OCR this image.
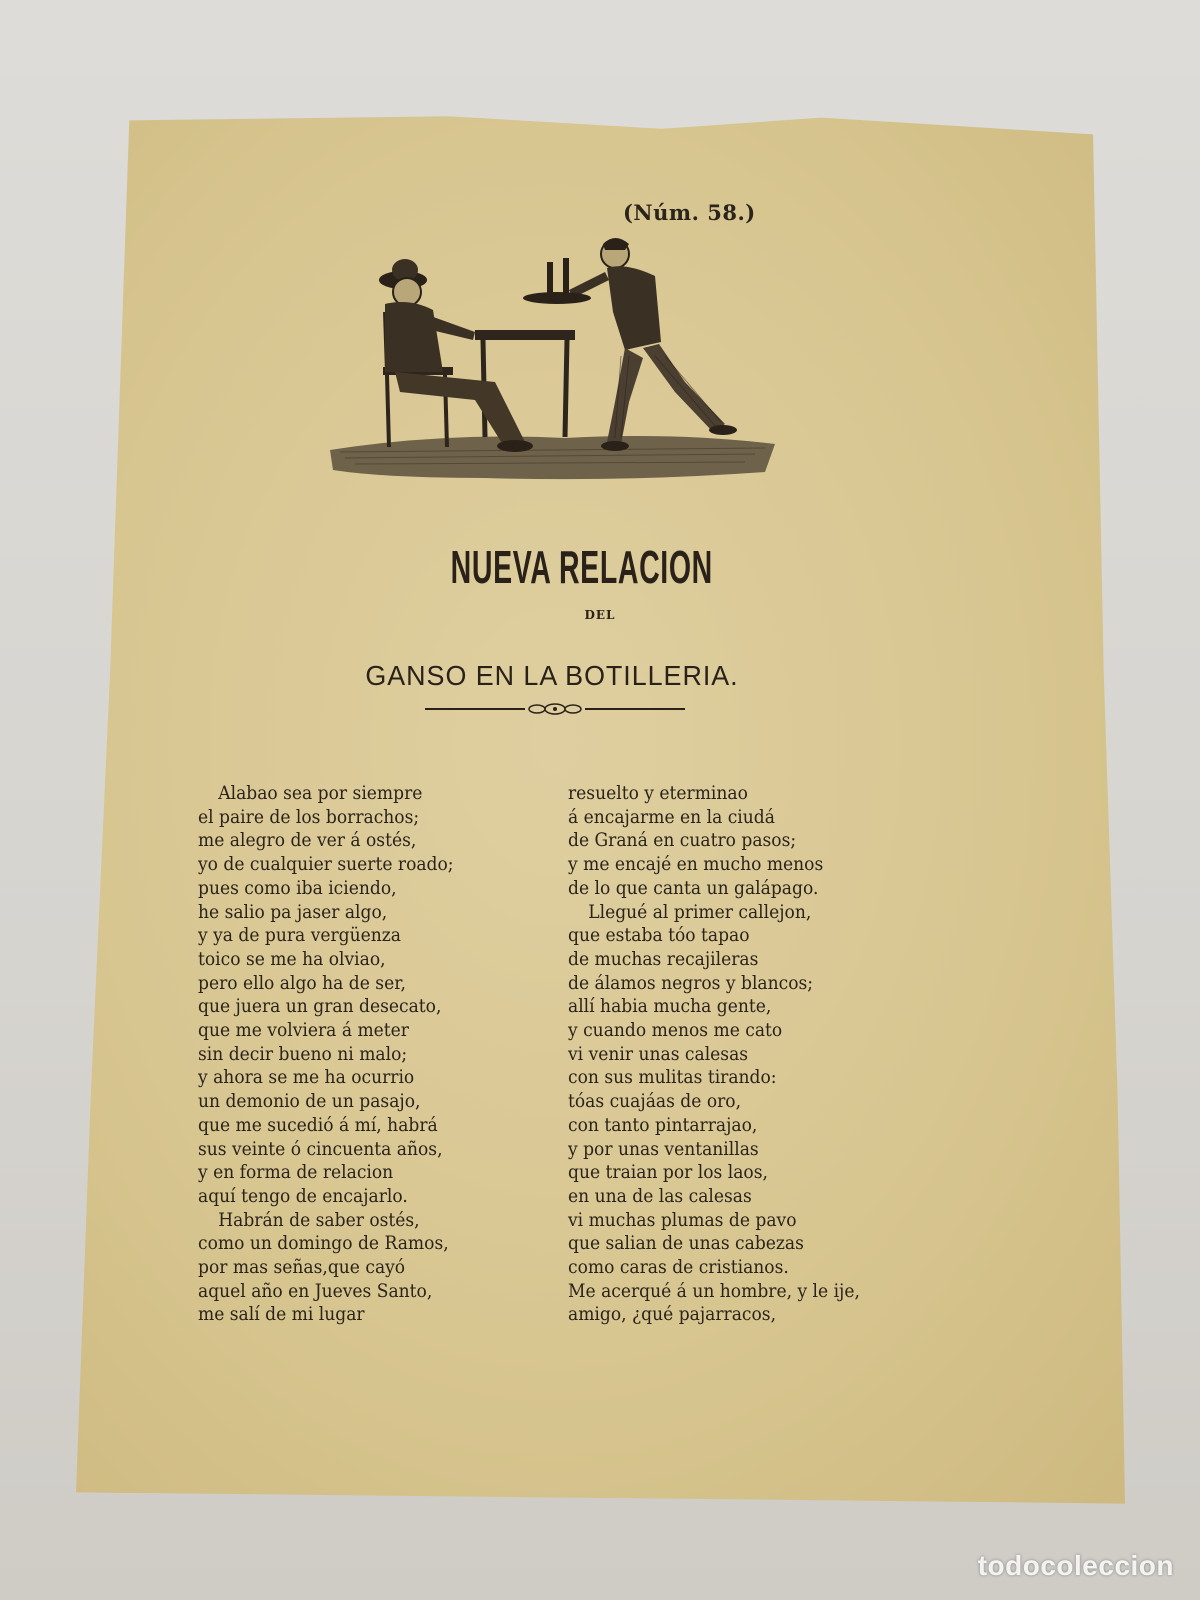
(Núm. 58.)
NUEVA RELACION
DEL
GANSO EN LA BOTILLERIA.
Alabao sea por siempre
el paire de los borrachos;
me alegro de ver á ostés,
yo de cualquier suerte roado;
pues como iba iciendo,
he salio pa jaser algo,
y ya de pura vergüenza
toico se me ha olviao,
pero ello algo ha de ser,
que juera un gran desecato,
que me volviera á meter
sin decir bueno ni malo;
y ahora se me ha ocurrio
un demonio de un pasajo,
que me sucedió á mí, habrá
sus veinte ó cincuenta años,
y en forma de relacion
aquí tengo de encajarlo.
Habrán de saber ostés,
como un domingo de Ramos,
por mas señas,que cayó
aquel año en Jueves Santo,
me salí de mi lugar
resuelto y eterminao
á encajarme en la ciudá
de Graná en cuatro pasos;
y me encajé en mucho menos
de lo que canta un galápago.
Llegué al primer callejon,
que estaba tóo tapao
de muchas recajileras
de álamos negros y blancos;
allí habia mucha gente,
y cuando menos me cato
vi venir unas calesas
con sus mulitas tirando:
tóas cuajáas de oro,
con tanto pintarrajao,
y por unas ventanillas
que traian por los laos,
en una de las calesas
vi muchas plumas de pavo
que salian de unas cabezas
como caras de cristianos.
Me acerqué á un hombre, y le ije,
amigo, ¿qué pajarracos,
todocoleccion
